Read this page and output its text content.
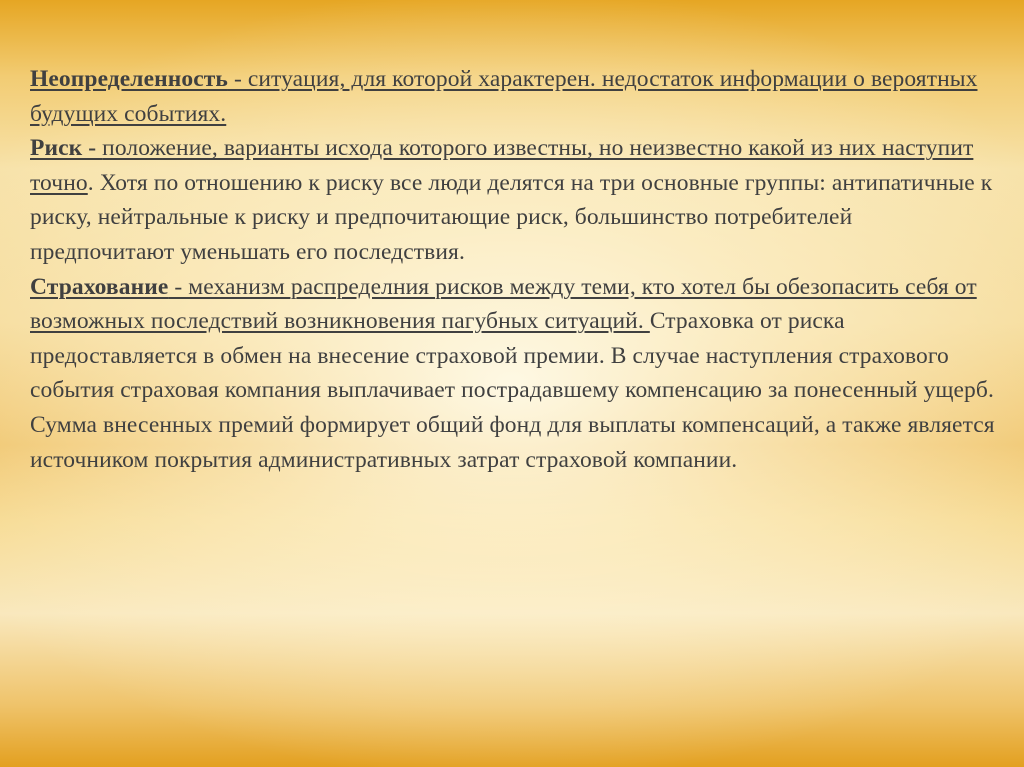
Неопределенность - ситуация, для которой характерен. недостаток информации о вероятных будущих событиях.

Риск - положение, варианты исхода которого известны, но неизвестно какой из них наступит точно. Хотя по отношению к риску все люди делятся на три основные группы: антипатичные к риску, нейтральные к риску и предпочитающие риск, большинство потребителей предпочитают уменьшать его последствия.

Страхование - механизм распределния рисков между теми, кто хотел бы обезопасить себя от возможных последствий возникновения пагубных ситуаций. Страховка от риска предоставляется в обмен на внесение страховой премии. В случае наступления страхового события страховая компания выплачивает пострадавшему компенсацию за понесенный ущерб. Сумма внесенных премий формирует общий фонд для выплаты компенсаций, а также является источником покрытия административных затрат страховой компании.
